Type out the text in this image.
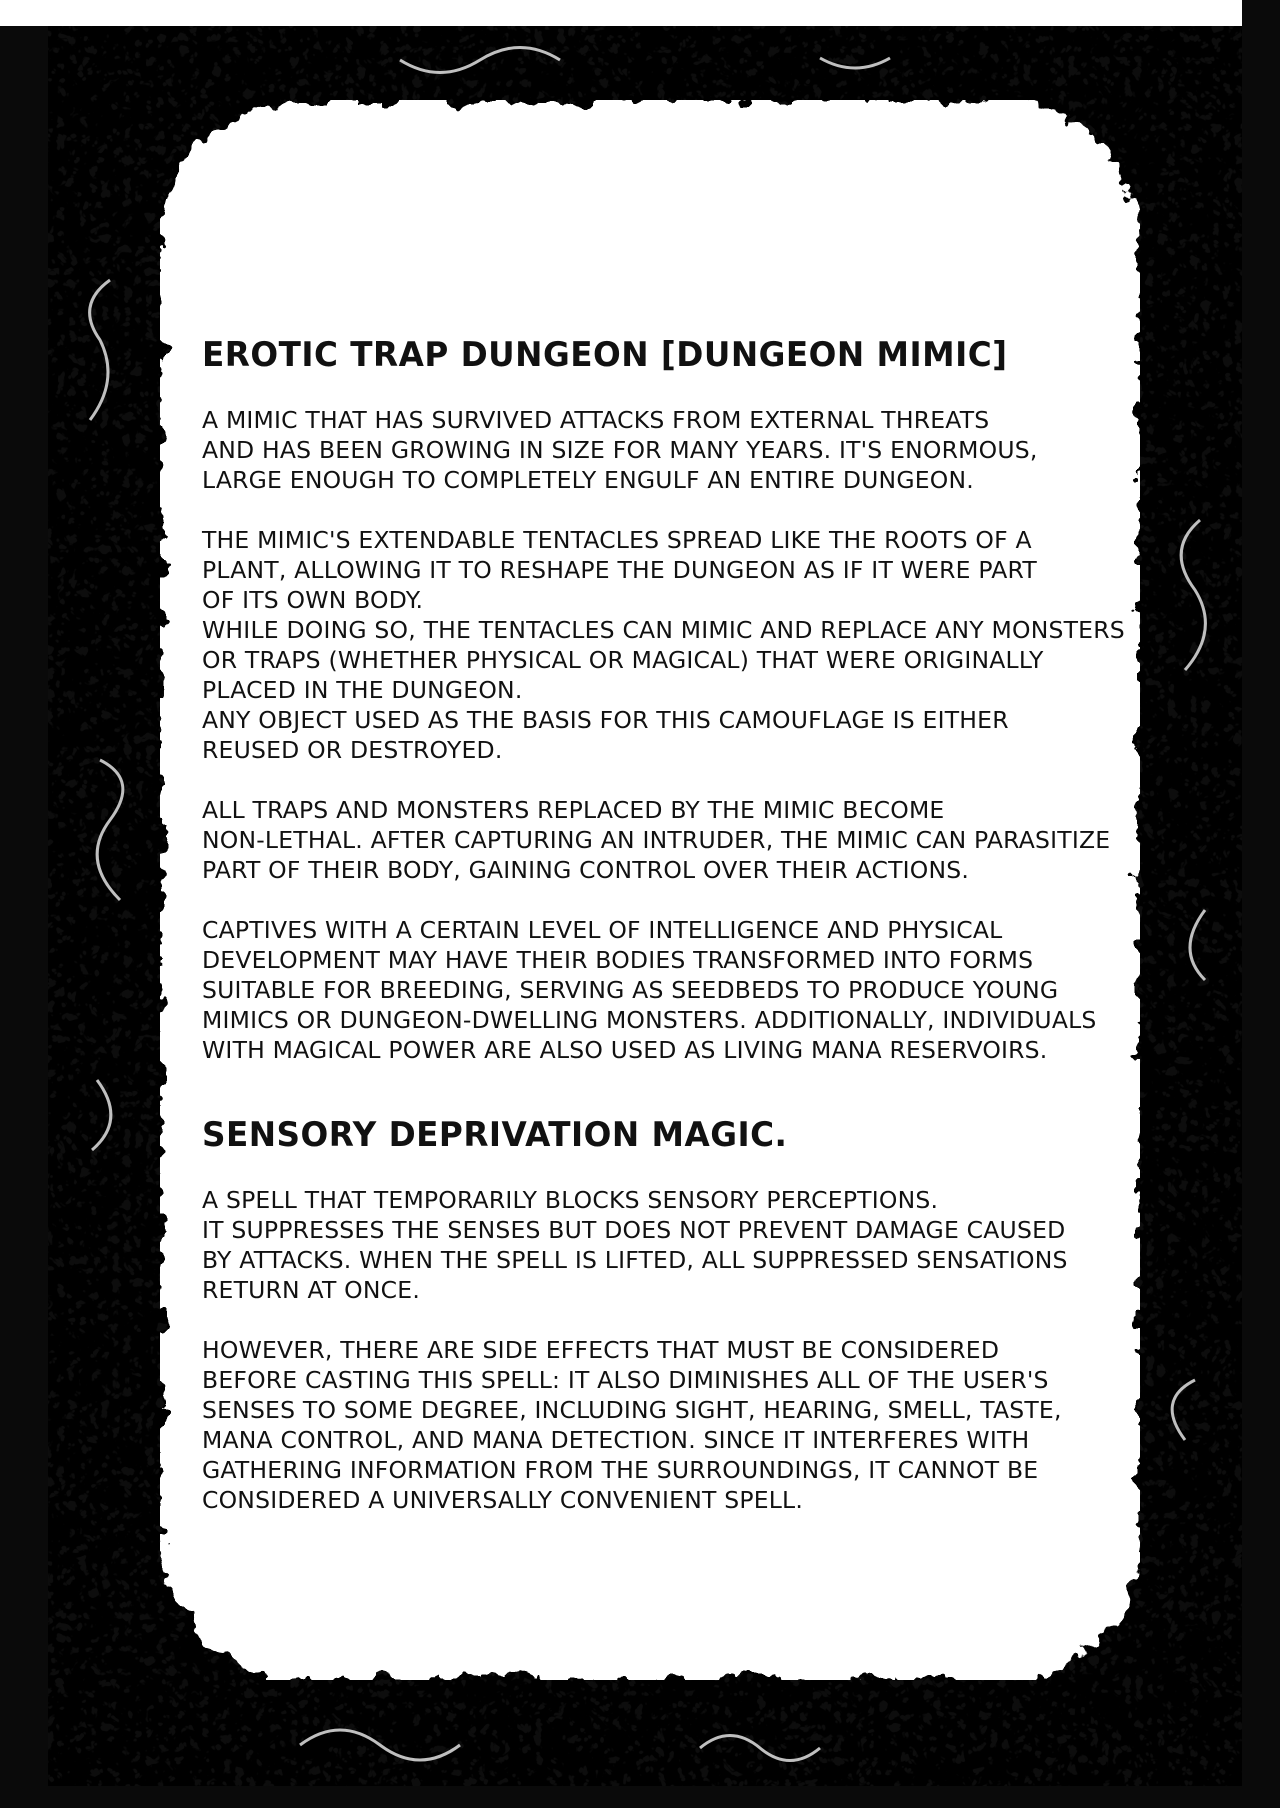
EROTIC TRAP DUNGEON [DUNGEON MIMIC]

A MIMIC THAT HAS SURVIVED ATTACKS FROM EXTERNAL THREATS
AND HAS BEEN GROWING IN SIZE FOR MANY YEARS. IT'S ENORMOUS,
LARGE ENOUGH TO COMPLETELY ENGULF AN ENTIRE DUNGEON.

THE MIMIC'S EXTENDABLE TENTACLES SPREAD LIKE THE ROOTS OF A
PLANT, ALLOWING IT TO RESHAPE THE DUNGEON AS IF IT WERE PART
OF ITS OWN BODY.
WHILE DOING SO, THE TENTACLES CAN MIMIC AND REPLACE ANY MONSTERS
OR TRAPS (WHETHER PHYSICAL OR MAGICAL) THAT WERE ORIGINALLY
PLACED IN THE DUNGEON.
ANY OBJECT USED AS THE BASIS FOR THIS CAMOUFLAGE IS EITHER
REUSED OR DESTROYED.

ALL TRAPS AND MONSTERS REPLACED BY THE MIMIC BECOME
NON-LETHAL. AFTER CAPTURING AN INTRUDER, THE MIMIC CAN PARASITIZE
PART OF THEIR BODY, GAINING CONTROL OVER THEIR ACTIONS.

CAPTIVES WITH A CERTAIN LEVEL OF INTELLIGENCE AND PHYSICAL
DEVELOPMENT MAY HAVE THEIR BODIES TRANSFORMED INTO FORMS
SUITABLE FOR BREEDING, SERVING AS SEEDBEDS TO PRODUCE YOUNG
MIMICS OR DUNGEON-DWELLING MONSTERS. ADDITIONALLY, INDIVIDUALS
WITH MAGICAL POWER ARE ALSO USED AS LIVING MANA RESERVOIRS.

SENSORY DEPRIVATION MAGIC.

A SPELL THAT TEMPORARILY BLOCKS SENSORY PERCEPTIONS.
IT SUPPRESSES THE SENSES BUT DOES NOT PREVENT DAMAGE CAUSED
BY ATTACKS. WHEN THE SPELL IS LIFTED, ALL SUPPRESSED SENSATIONS
RETURN AT ONCE.

HOWEVER, THERE ARE SIDE EFFECTS THAT MUST BE CONSIDERED
BEFORE CASTING THIS SPELL: IT ALSO DIMINISHES ALL OF THE USER'S
SENSES TO SOME DEGREE, INCLUDING SIGHT, HEARING, SMELL, TASTE,
MANA CONTROL, AND MANA DETECTION. SINCE IT INTERFERES WITH
GATHERING INFORMATION FROM THE SURROUNDINGS, IT CANNOT BE
CONSIDERED A UNIVERSALLY CONVENIENT SPELL.
